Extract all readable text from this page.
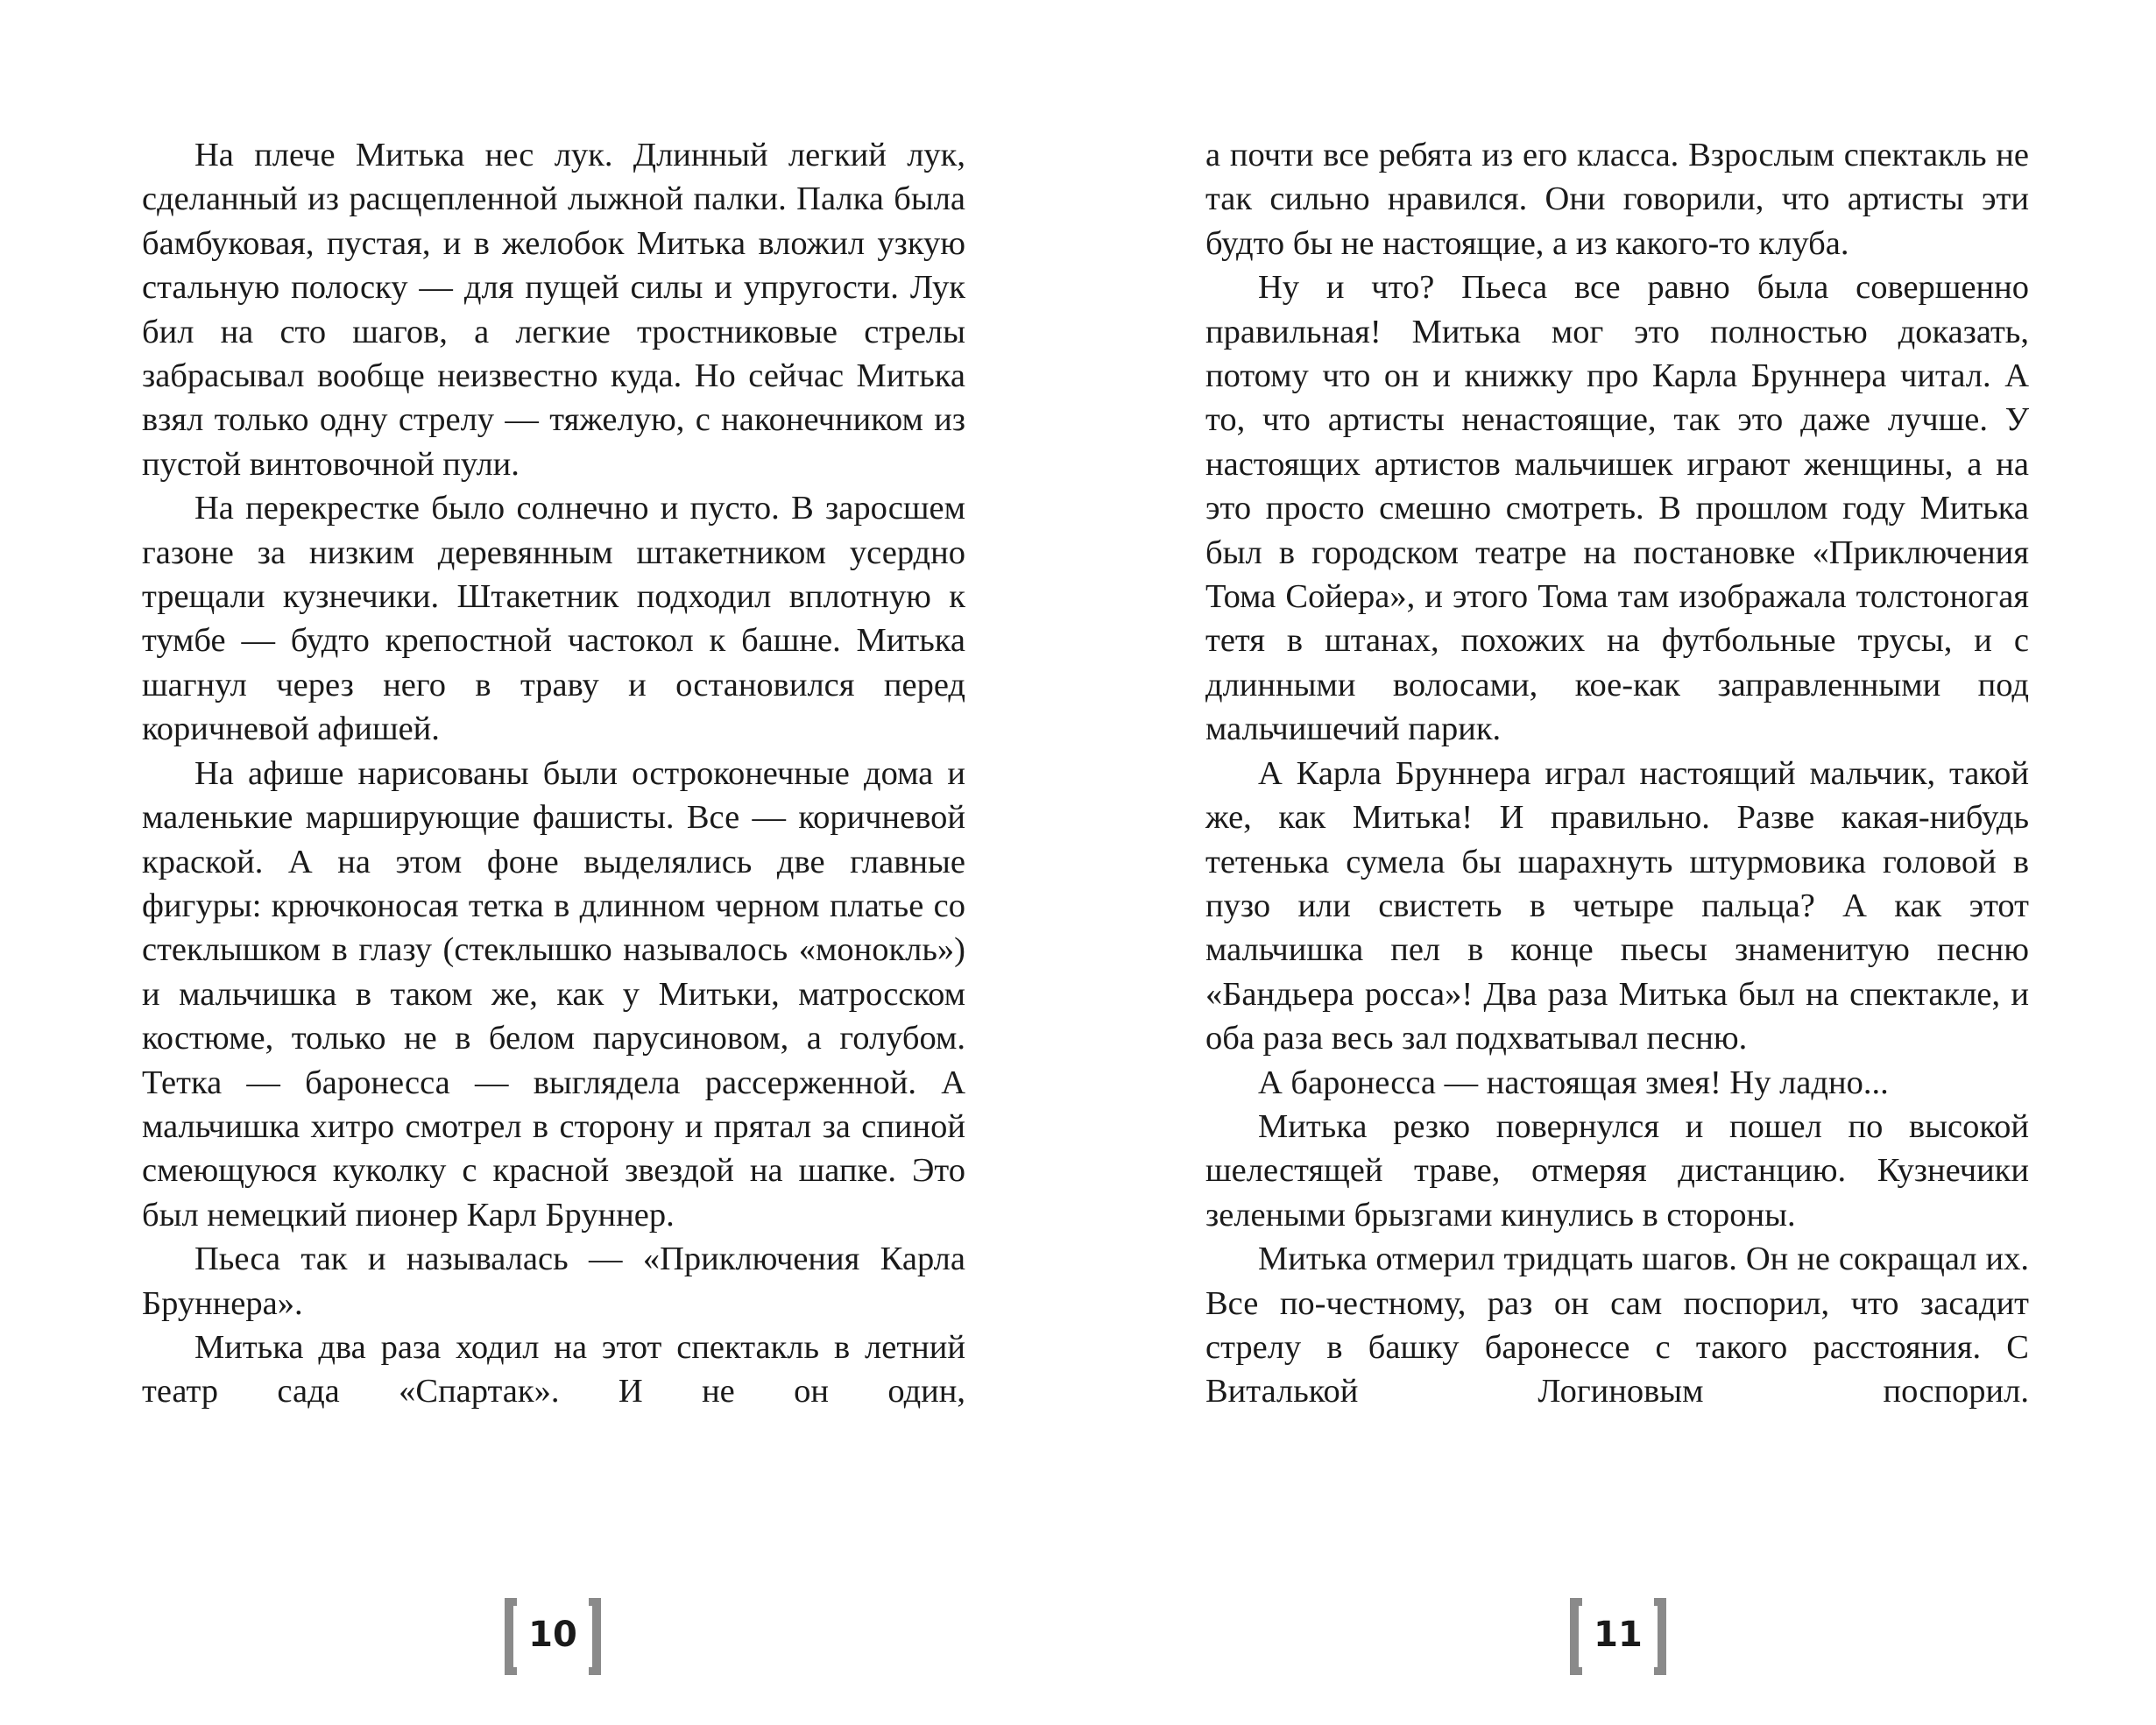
На плече Митька нес лук. Длинный легкий лук, сделанный из расщепленной лыжной палки. Палка была бамбуковая, пустая, и в желобок Митька вложил узкую стальную полоску — для пущей силы и упругости. Лук бил на сто шагов, а легкие тростниковые стрелы забрасывал вообще неизвестно куда. Но сейчас Митька взял только одну стрелу — тяжелую, с наконечником из пустой винтовочной пули.

На перекрестке было солнечно и пусто. В заросшем газоне за низким деревянным штакетником усердно трещали кузнечики. Штакетник подходил вплотную к тумбе — будто крепостной частокол к башне. Митька шагнул через него в траву и остановился перед коричневой афишей.

На афише нарисованы были остроконечные дома и маленькие марширующие фашисты. Все — коричневой краской. А на этом фоне выделялись две главные фигуры: крючконосая тетка в длинном черном платье со стеклышком в глазу (стеклышко называлось «монокль») и мальчишка в таком же, как у Митьки, матросском костюме, только не в белом парусиновом, а голубом. Тетка — баронесса — выглядела рассерженной. А мальчишка хитро смотрел в сторону и прятал за спиной смеющуюся куколку с красной звездой на шапке. Это был немецкий пионер Карл Бруннер.

Пьеса так и называлась — «Приключения Карла Бруннера».

Митька два раза ходил на этот спектакль в летний театр сада «Спартак». И не он один,

а почти все ребята из его класса. Взрослым спектакль не так сильно нравился. Они говорили, что артисты эти будто бы не настоящие, а из какого-то клуба.

Ну и что? Пьеса все равно была совершенно правильная! Митька мог это полностью доказать, потому что он и книжку про Карла Бруннера читал. А то, что артисты ненастоящие, так это даже лучше. У настоящих артистов мальчишек играют женщины, а на это просто смешно смотреть. В прошлом году Митька был в городском театре на постановке «Приключения Тома Сойера», и этого Тома там изображала толстоногая тетя в штанах, похожих на футбольные трусы, и с длинными волосами, кое-как заправленными под мальчишечий парик.

А Карла Бруннера играл настоящий мальчик, такой же, как Митька! И правильно. Разве какая-нибудь тетенька сумела бы шарахнуть штурмовика головой в пузо или свистеть в четыре пальца? А как этот мальчишка пел в конце пьесы знаменитую песню «Бандьера росса»! Два раза Митька был на спектакле, и оба раза весь зал подхватывал песню.

А баронесса — настоящая змея! Ну ладно...

Митька резко повернулся и пошел по высокой шелестящей траве, отмеряя дистанцию. Кузнечики зелеными брызгами кинулись в стороны.

Митька отмерил тридцать шагов. Он не сокращал их. Все по-честному, раз он сам поспорил, что засадит стрелу в башку баронессе с такого расстояния. С Виталькой Логиновым поспорил.

10	11
